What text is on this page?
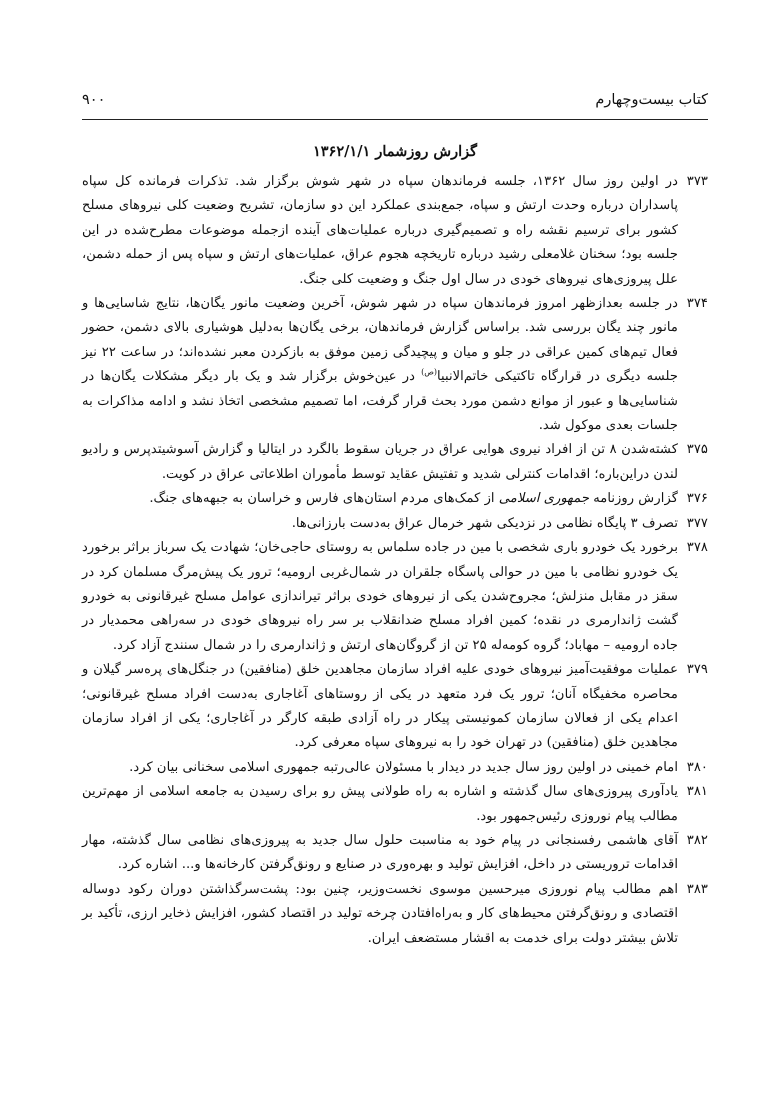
کتاب بیست‌وچهارم
۹۰۰
گزارش روزشمار ۱۳۶۲/۱/۱

۳۷۳
در اولین روز سال ۱۳۶۲، جلسه فرماندهان سپاه در شهر شوش برگزار شد. تذکرات فرمانده کل سپاه پاسداران درباره وحدت ارتش و سپاه، جمع‌بندی عملکرد این دو سازمان، تشریح وضعیت کلی نیروهای مسلح کشور برای ترسیم نقشه راه و تصمیم‌گیری درباره عملیات‌های آینده ازجمله موضوعات مطرح‌شده در این جلسه بود؛ سخنان غلامعلی رشید درباره تاریخچه هجوم عراق، عملیات‌های ارتش و سپاه پس از حمله دشمن، علل پیروزی‌های نیروهای خودی در سال اول جنگ و وضعیت کلی جنگ.

۳۷۴
در جلسه بعدازظهر امروز فرماندهان سپاه در شهر شوش، آخرین وضعیت مانور یگان‌ها، نتایج شاسایی‌ها و مانور چند یگان بررسی شد. براساس گزارش فرماندهان، برخی یگان‌ها به‌دلیل هوشیاری بالای دشمن، حضور فعال تیم‌های کمین عراقی در جلو و میان و پیچیدگی زمین موفق به بازکردن معبر نشده‌اند؛ در ساعت ۲۲ نیز جلسه دیگری در قرارگاه تاکتیکی خاتم‌الانبیا$^{(ص)}$ در عین‌خوش برگزار شد و یک بار دیگر مشکلات یگان‌ها در شناسایی‌ها و عبور از موانع دشمن مورد بحث قرار گرفت، اما تصمیم مشخصی اتخاذ نشد و ادامه مذاکرات به جلسات بعدی موکول شد.

۳۷۵
کشته‌شدن ۸ تن از افراد نیروی هوایی عراق در جریان سقوط بالگرد در ایتالیا و گزارش آسوشیتدپرس و رادیو لندن دراین‌باره؛ اقدامات کنترلی شدید و تفتیش عقاید توسط مأموران اطلاعاتی عراق در کویت.

۳۷۶
گزارش روزنامه جمهوری اسلامی از کمک‌های مردم استان‌های فارس و خراسان به جبهه‌های جنگ.

۳۷۷
تصرف ۳ پایگاه نظامی در نزدیکی شهر خرمال عراق به‌دست بارزانی‌ها.

۳۷۸
برخورد یک خودرو باری شخصی با مین در جاده سلماس به روستای حاجی‌خان؛ شهادت یک سرباز براثر برخورد یک خودرو نظامی با مین در حوالی پاسگاه جلقران در شمال‌غربی ارومیه؛ ترور یک پیش‌مرگ مسلمان کرد در سقز در مقابل منزلش؛ مجروح‌شدن یکی از نیروهای خودی براثر تیراندازی عوامل مسلح غیرقانونی به خودرو گشت ژاندارمری در نقده؛ کمین افراد مسلح ضدانقلاب بر سر راه نیروهای خودی در سه‌راهی محمدیار در جاده ارومیه – مهاباد؛ گروه کومه‌له ۲۵ تن از گروگان‌های ارتش و ژاندارمری را در شمال سنندج آزاد کرد.

۳۷۹
عملیات موفقیت‌آمیز نیروهای خودی علیه افراد سازمان مجاهدین خلق (منافقین) در جنگل‌های پره‌سر گیلان و محاصره مخفیگاه آنان؛ ترور یک فرد متعهد در یکی از روستاهای آغاجاری به‌دست افراد مسلح غیرقانونی؛ اعدام یکی از فعالان سازمان کمونیستی پیکار در راه آزادی طبقه کارگر در آغاجاری؛ یکی از افراد سازمان مجاهدین خلق (منافقین) در تهران خود را به نیروهای سپاه معرفی کرد.

۳۸۰
امام خمینی در اولین روز سال جدید در دیدار با مسئولان عالی‌رتبه جمهوری اسلامی سخنانی بیان کرد.

۳۸۱
یادآوری پیروزی‌های سال گذشته و اشاره به راه طولانی پیش رو برای رسیدن به جامعه اسلامی از مهم‌ترین مطالب پیام نوروزی رئیس‌جمهور بود.

۳۸۲
آقای هاشمی رفسنجانی در پیام خود به مناسبت حلول سال جدید به پیروزی‌های نظامی سال گذشته، مهار اقدامات تروریستی در داخل، افزایش تولید و بهره‌وری در صنایع و رونق‌گرفتن کارخانه‌ها و... اشاره کرد.

۳۸۳
اهم مطالب پیام نوروزی میرحسین موسوی نخست‌وزیر، چنین بود: پشت‌سرگذاشتن دوران رکود دوساله اقتصادی و رونق‌گرفتن محیط‌های کار و به‌راه‌افتادن چرخه تولید در اقتصاد کشور، افزایش ذخایر ارزی، تأکید بر تلاش بیشتر دولت برای خدمت به اقشار مستضعف ایران.
